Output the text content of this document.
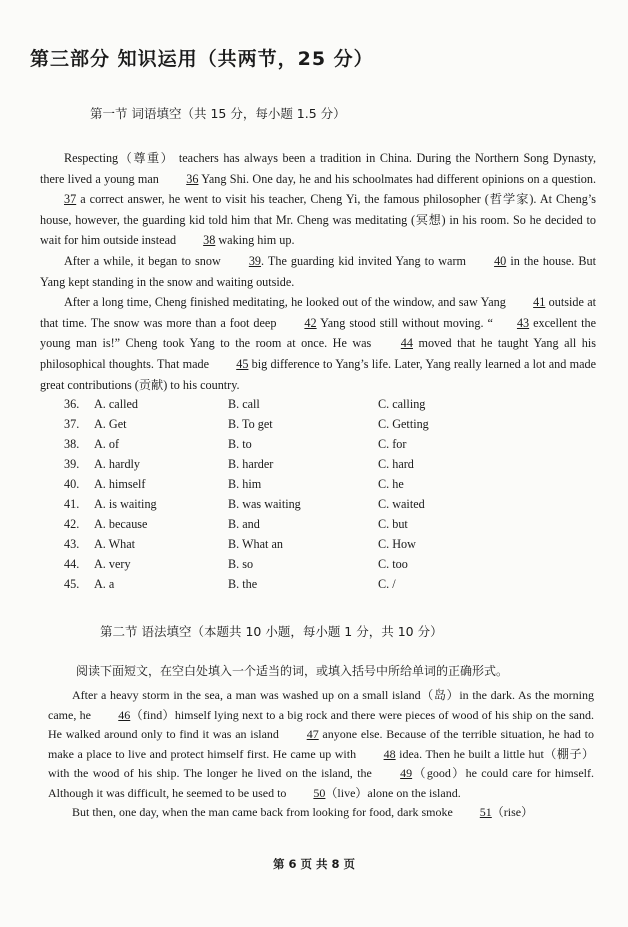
第三部分 知识运用（共两节，25 分）
第一节 词语填空（共 15 分，每小题 1.5 分）

Respecting（尊重） teachers has always been a tradition in China. During the Northern Song Dynasty, there lived a young man 36 Yang Shi. One day, he and his schoolmates had different opinions on a question. 37 a correct answer, he went to visit his teacher, Cheng Yi, the famous philosopher (哲学家). At Cheng’s house, however, the guarding kid told him that Mr. Cheng was meditating (冥想) in his room. So he decided to wait for him outside instead 38 waking him up.

After a while, it began to snow 39. The guarding kid invited Yang to warm 40 in the house. But Yang kept standing in the snow and waiting outside.

After a long time, Cheng finished meditating, he looked out of the window, and saw Yang 41 outside at that time. The snow was more than a foot deep 42 Yang stood still without moving. “ 43 excellent the young man is!” Cheng took Yang to the room at once. He was 44 moved that he taught Yang all his philosophical thoughts. That made 45 big difference to Yang’s life. Later, Yang really learned a lot and made great contributions (贡献) to his country.

36.	A. called	B. call	C. calling
37.	A. Get	B. To get	C. Getting
38.	A. of	B. to	C. for
39.	A. hardly	B. harder	C. hard
40.	A. himself	B. him	C. he
41.	A. is waiting	B. was waiting	C. waited
42.	A. because	B. and	C. but
43.	A. What	B. What an	C. How
44.	A. very	B. so	C. too
45.	A. a	B. the	C. /
第二节 语法填空（本题共 10 小题，每小题 1 分，共 10 分）
阅读下面短文，在空白处填入一个适当的词，或填入括号中所给单词的正确形式。

After a heavy storm in the sea, a man was washed up on a small island（岛）in the dark. As the morning came, he 46（find）himself lying next to a big rock and there were pieces of wood of his ship on the sand. He walked around only to find it was an island 47 anyone else. Because of the terrible situation, he had to make a place to live and protect himself first. He came up with 48 idea. Then he built a little hut（棚子）with the wood of his ship. The longer he lived on the island, the 49（good）he could care for himself. Although it was difficult, he seemed to be used to 50（live）alone on the island.

But then, one day, when the man came back from looking for food, dark smoke 51（rise）

第 6 页 共 8 页
